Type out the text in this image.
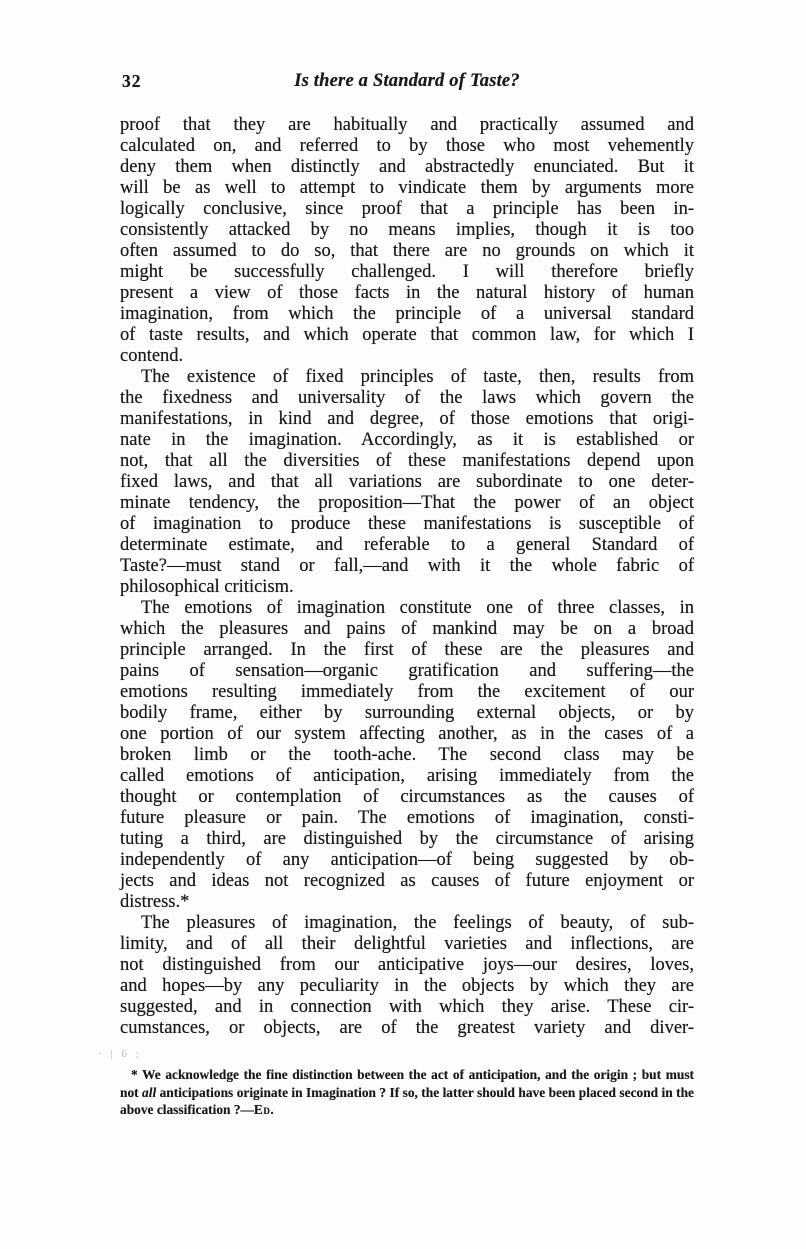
32	Is there a Standard of Taste?
proof that they are habitually and practically assumed and
calculated on, and referred to by those who most vehemently
deny them when distinctly and abstractedly enunciated. But it
will be as well to attempt to vindicate them by arguments more
logically conclusive, since proof that a principle has been in-
consistently attacked by no means implies, though it is too
often assumed to do so, that there are no grounds on which it
might be successfully challenged. I will therefore briefly
present a view of those facts in the natural history of human
imagination, from which the principle of a universal standard
of taste results, and which operate that common law, for which I
contend.
The existence of fixed principles of taste, then, results from
the fixedness and universality of the laws which govern the
manifestations, in kind and degree, of those emotions that origi-
nate in the imagination. Accordingly, as it is established or
not, that all the diversities of these manifestations depend upon
fixed laws, and that all variations are subordinate to one deter-
minate tendency, the proposition—That the power of an object
of imagination to produce these manifestations is susceptible of
determinate estimate, and referable to a general Standard of
Taste?—must stand or fall,—and with it the whole fabric of
philosophical criticism.
The emotions of imagination constitute one of three classes, in
which the pleasures and pains of mankind may be on a broad
principle arranged. In the first of these are the pleasures and
pains of sensation—organic gratification and suffering—the
emotions resulting immediately from the excitement of our
bodily frame, either by surrounding external objects, or by
one portion of our system affecting another, as in the cases of a
broken limb or the tooth-ache. The second class may be
called emotions of anticipation, arising immediately from the
thought or contemplation of circumstances as the causes of
future pleasure or pain. The emotions of imagination, consti-
tuting a third, are distinguished by the circumstance of arising
independently of any anticipation—of being suggested by ob-
jects and ideas not recognized as causes of future enjoyment or
distress.*
The pleasures of imagination, the feelings of beauty, of sub-
limity, and of all their delightful varieties and inflections, are
not distinguished from our anticipative joys—our desires, loves,
and hopes—by any peculiarity in the objects by which they are
suggested, and in connection with which they arise. These cir-
cumstances, or objects, are of the greatest variety and diver-
· | 6 ;

* We acknowledge the fine distinction between the act of anticipation, and the origin ; but must not all anticipations originate in Imagination ? If so, the latter should have been placed second in the above classification ?—Ed.
